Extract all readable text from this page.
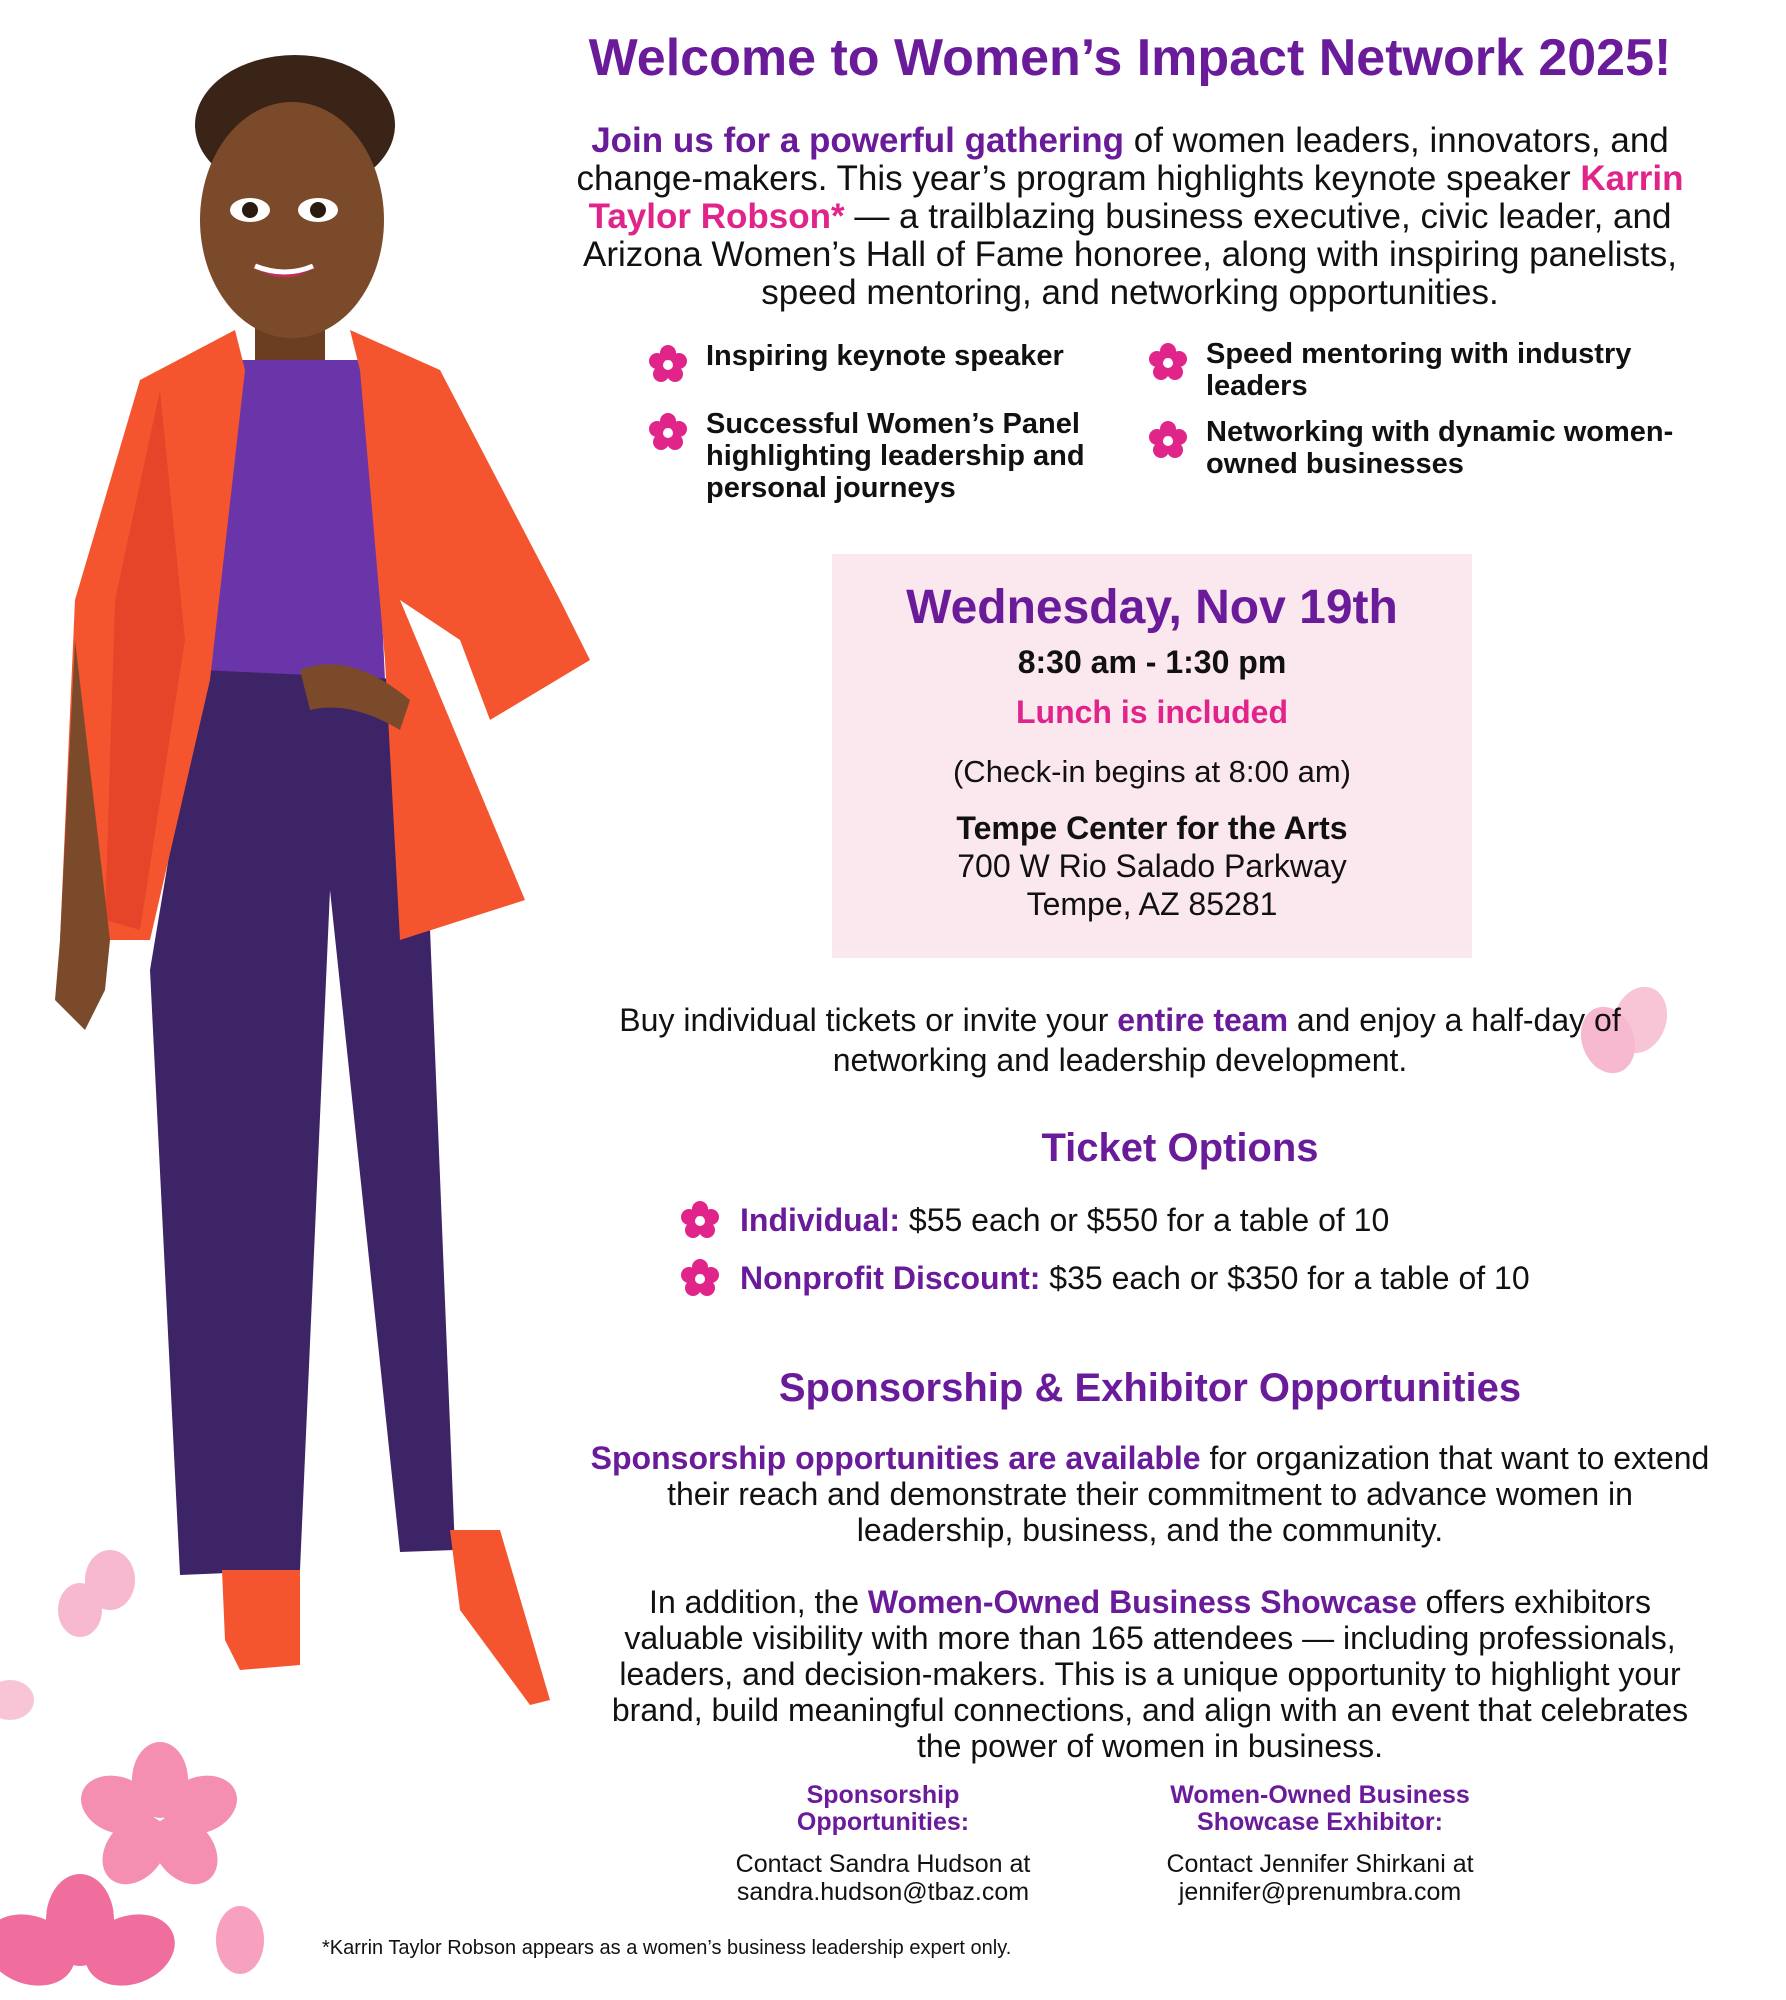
Welcome to Women’s Impact Network 2025!
Join us for a powerful gathering of women leaders, innovators, and change-makers. This year’s program highlights keynote speaker Karrin Taylor Robson* — a trailblazing business executive, civic leader, and Arizona Women’s Hall of Fame honoree, along with inspiring panelists, speed mentoring, and networking opportunities.
Inspiring keynote speaker
Successful Women’s Panel highlighting leadership and personal journeys
Speed mentoring with industry leaders
Networking with dynamic women-owned businesses
Wednesday, Nov 19th
8:30 am - 1:30 pm
Lunch is included
(Check-in begins at 8:00 am)
Tempe Center for the Arts
700 W Rio Salado Parkway
Tempe, AZ 85281
Buy individual tickets or invite your entire team and enjoy a half-day of networking and leadership development.
Ticket Options
Individual: $55 each or $550 for a table of 10
Nonprofit Discount: $35 each or $350 for a table of 10
Sponsorship & Exhibitor Opportunities
Sponsorship opportunities are available for organization that want to extend their reach and demonstrate their commitment to advance women in leadership, business, and the community.
In addition, the Women-Owned Business Showcase offers exhibitors valuable visibility with more than 165 attendees — including professionals, leaders, and decision-makers. This is a unique opportunity to highlight your brand, build meaningful connections, and align with an event that celebrates the power of women in business.
Sponsorship Opportunities:
Contact Sandra Hudson at
sandra.hudson@tbaz.com
Women-Owned Business Showcase Exhibitor:
Contact Jennifer Shirkani at
jennifer@prenumbra.com
*Karrin Taylor Robson appears as a women’s business leadership expert only.
